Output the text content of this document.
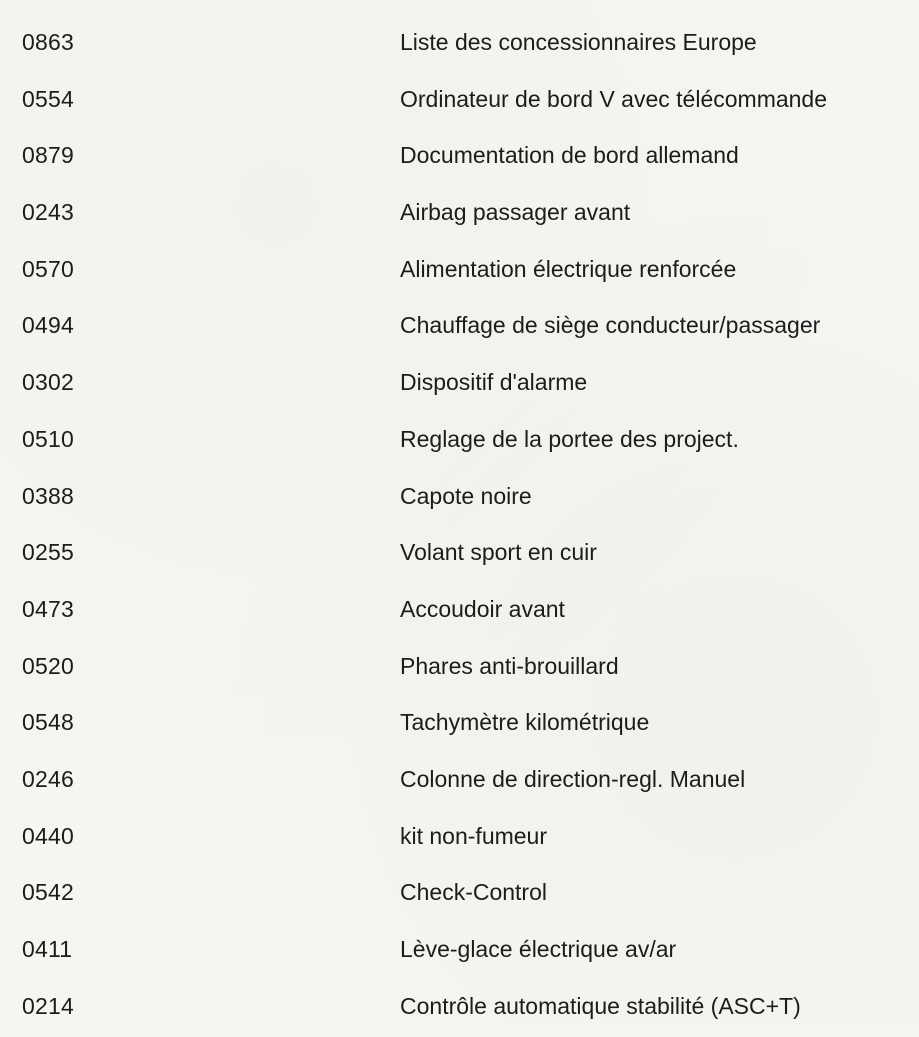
0863	Liste des concessionnaires Europe
0554	Ordinateur de bord V avec télécommande
0879	Documentation de bord allemand
0243	Airbag passager avant
0570	Alimentation électrique renforcée
0494	Chauffage de siège conducteur/passager
0302	Dispositif d'alarme
0510	Reglage de la portee des project.
0388	Capote noire
0255	Volant sport en cuir
0473	Accoudoir avant
0520	Phares anti-brouillard
0548	Tachymètre kilométrique
0246	Colonne de direction-regl. Manuel
0440	kit non-fumeur
0542	Check-Control
0411	Lève-glace électrique av/ar
0214	Contrôle automatique stabilité (ASC+T)
